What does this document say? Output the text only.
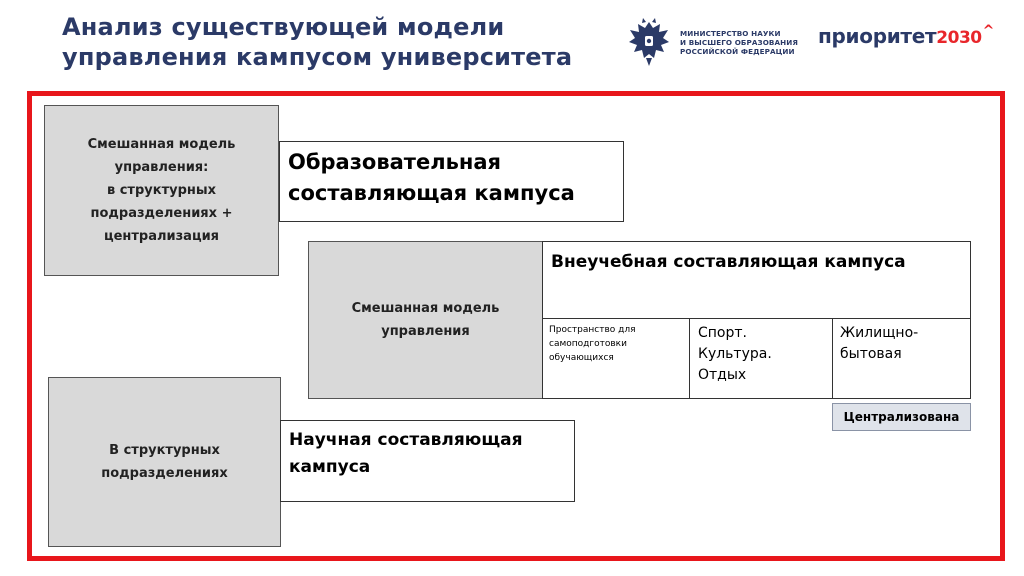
Анализ существующей модели
управления кампусом университета
МИНИСТЕРСТВО НАУКИ
И ВЫСШЕГО ОБРАЗОВАНИЯ
РОССИЙСКОЙ ФЕДЕРАЦИИ
приоритет 2030 ^
Смешанная модель
управления:
в структурных
подразделениях +
централизация
Образовательная
составляющая кампуса
Смешанная модель
управления
Внеучебная составляющая кампуса
Пространство для
самоподготовки
обучающихся
Спорт.
Культура.
Отдых
Жилищно-
бытовая
Централизована
В структурных
подразделениях
Научная составляющая
кампуса
